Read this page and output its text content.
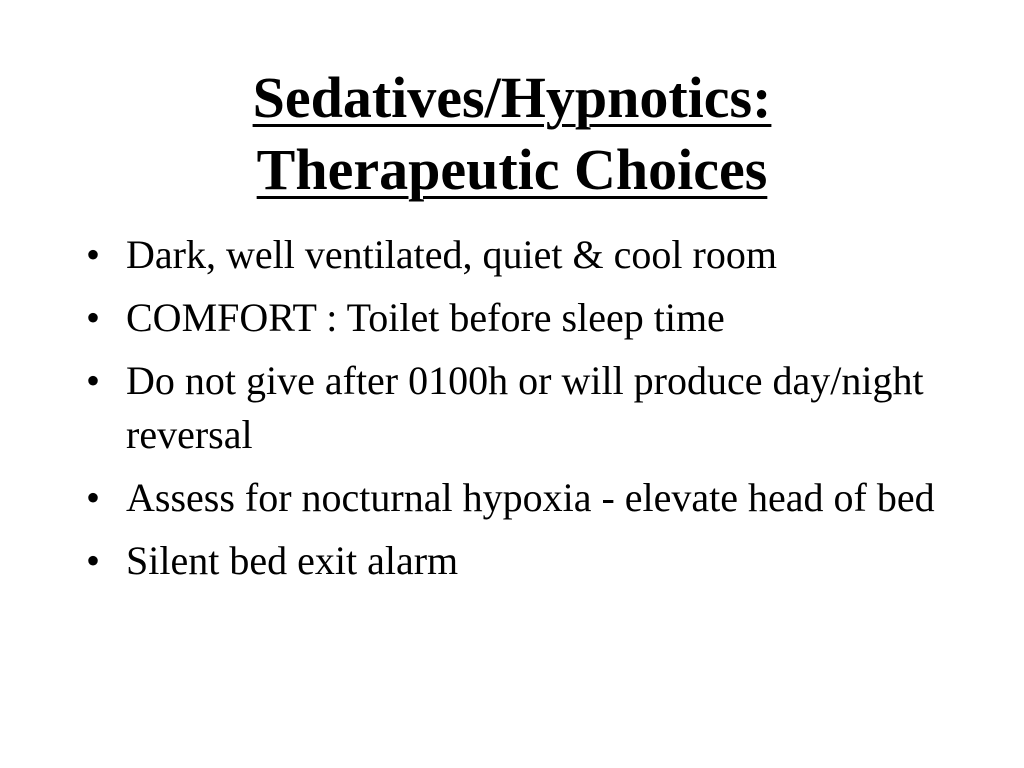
Sedatives/Hypnotics:
Therapeutic Choices
• Dark, well ventilated, quiet & cool room
• COMFORT : Toilet before sleep time
• Do not give after 0100h or will produce day/night reversal
• Assess for nocturnal hypoxia - elevate head of bed
• Silent bed exit alarm
